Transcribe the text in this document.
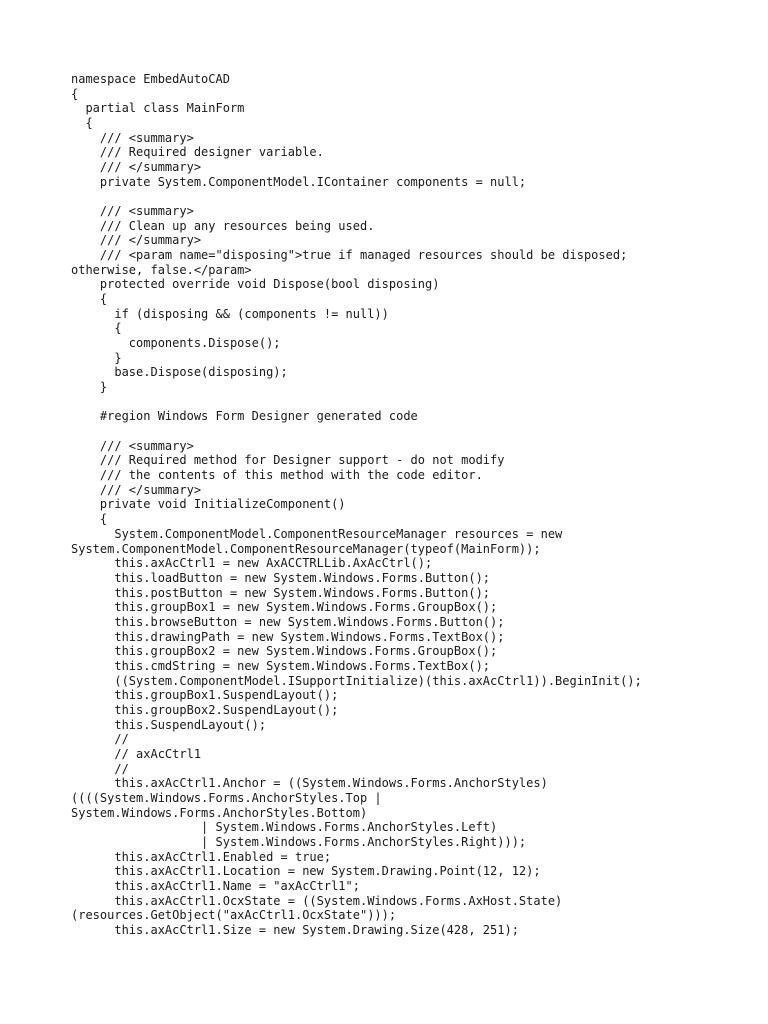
namespace EmbedAutoCAD
{
partial class MainForm
{
/// <summary>
/// Required designer variable.
/// </summary>
private System.ComponentModel.IContainer components = null;
/// <summary>
/// Clean up any resources being used.
/// </summary>
/// <param name="disposing">true if managed resources should be disposed;
otherwise, false.</param>
protected override void Dispose(bool disposing)
{
if (disposing && (components != null))
{
components.Dispose();
}
base.Dispose(disposing);
}
#region Windows Form Designer generated code
/// <summary>
/// Required method for Designer support - do not modify
/// the contents of this method with the code editor.
/// </summary>
private void InitializeComponent()
{
System.ComponentModel.ComponentResourceManager resources = new
System.ComponentModel.ComponentResourceManager(typeof(MainForm));
this.axAcCtrl1 = new AxACCTRLLib.AxAcCtrl();
this.loadButton = new System.Windows.Forms.Button();
this.postButton = new System.Windows.Forms.Button();
this.groupBox1 = new System.Windows.Forms.GroupBox();
this.browseButton = new System.Windows.Forms.Button();
this.drawingPath = new System.Windows.Forms.TextBox();
this.groupBox2 = new System.Windows.Forms.GroupBox();
this.cmdString = new System.Windows.Forms.TextBox();
((System.ComponentModel.ISupportInitialize)(this.axAcCtrl1)).BeginInit();
this.groupBox1.SuspendLayout();
this.groupBox2.SuspendLayout();
this.SuspendLayout();
//
// axAcCtrl1
//
this.axAcCtrl1.Anchor = ((System.Windows.Forms.AnchorStyles)
((((System.Windows.Forms.AnchorStyles.Top |
System.Windows.Forms.AnchorStyles.Bottom)
| System.Windows.Forms.AnchorStyles.Left)
| System.Windows.Forms.AnchorStyles.Right)));
this.axAcCtrl1.Enabled = true;
this.axAcCtrl1.Location = new System.Drawing.Point(12, 12);
this.axAcCtrl1.Name = "axAcCtrl1";
this.axAcCtrl1.OcxState = ((System.Windows.Forms.AxHost.State)
(resources.GetObject("axAcCtrl1.OcxState")));
this.axAcCtrl1.Size = new System.Drawing.Size(428, 251);
